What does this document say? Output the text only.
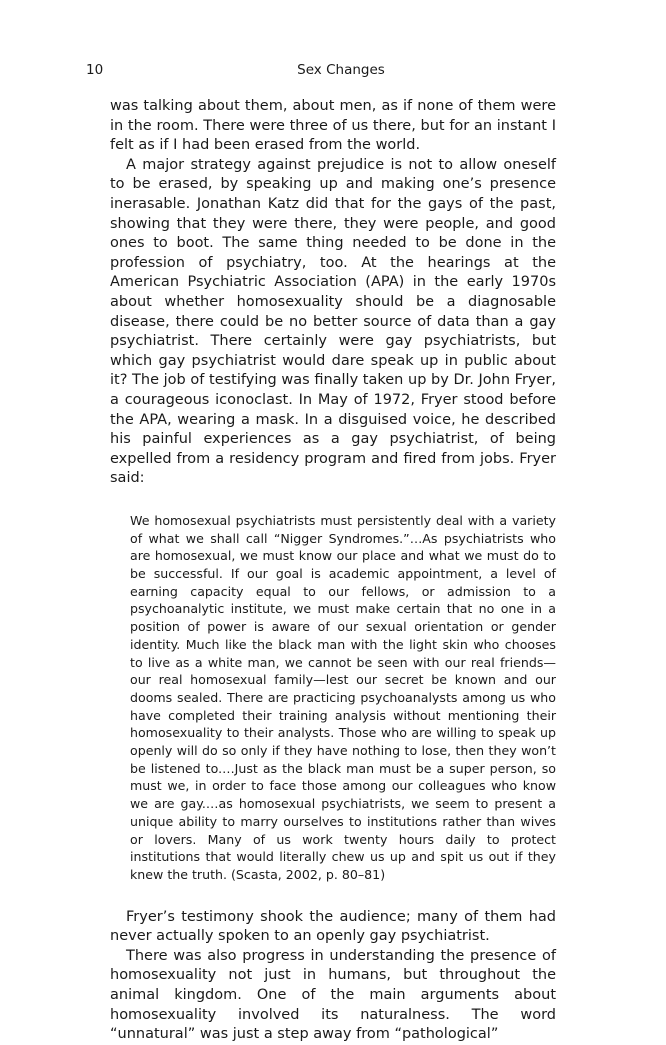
10	Sex Changes

was talking about them, about men, as if none of them were in the room. There were three of us there, but for an instant I felt as if I had been erased from the world.

A major strategy against prejudice is not to allow oneself to be erased, by speaking up and making one’s presence inerasable. Jonathan Katz did that for the gays of the past, showing that they were there, they were people, and good ones to boot. The same thing needed to be done in the profession of psychiatry, too. At the hearings at the American Psychiatric Association (APA) in the early 1970s about whether homosexuality should be a diagnosable disease, there could be no better source of data than a gay psychiatrist. There certainly were gay psychiatrists, but which gay psychiatrist would dare speak up in public about it? The job of testifying was finally taken up by Dr. John Fryer, a courageous iconoclast. In May of 1972, Fryer stood before the APA, wearing a mask. In a disguised voice, he described his painful experiences as a gay psychiatrist, of being expelled from a residency program and fired from jobs. Fryer said:

We homosexual psychiatrists must persistently deal with a variety of what we shall call “Nigger Syndromes.”…As psychiatrists who are homosexual, we must know our place and what we must do to be successful. If our goal is academic appointment, a level of earning capacity equal to our fellows, or admission to a psychoanalytic institute, we must make certain that no one in a position of power is aware of our sexual orientation or gender identity. Much like the black man with the light skin who chooses to live as a white man, we cannot be seen with our real friends—our real homosexual family—lest our secret be known and our dooms sealed. There are practicing psychoanalysts among us who have completed their training analysis without mentioning their homosexuality to their analysts. Those who are willing to speak up openly will do so only if they have nothing to lose, then they won’t be listened to.…Just as the black man must be a super person, so must we, in order to face those among our colleagues who know we are gay.…as homosexual psychiatrists, we seem to present a unique ability to marry ourselves to institutions rather than wives or lovers. Many of us work twenty hours daily to protect institutions that would literally chew us up and spit us out if they knew the truth. (Scasta, 2002, p. 80–81)

Fryer’s testimony shook the audience; many of them had never actually spoken to an openly gay psychiatrist.

There was also progress in understanding the presence of homosexuality not just in humans, but throughout the animal kingdom. One of the main arguments about homosexuality involved its naturalness. The word “unnatural” was just a step away from “pathological”
